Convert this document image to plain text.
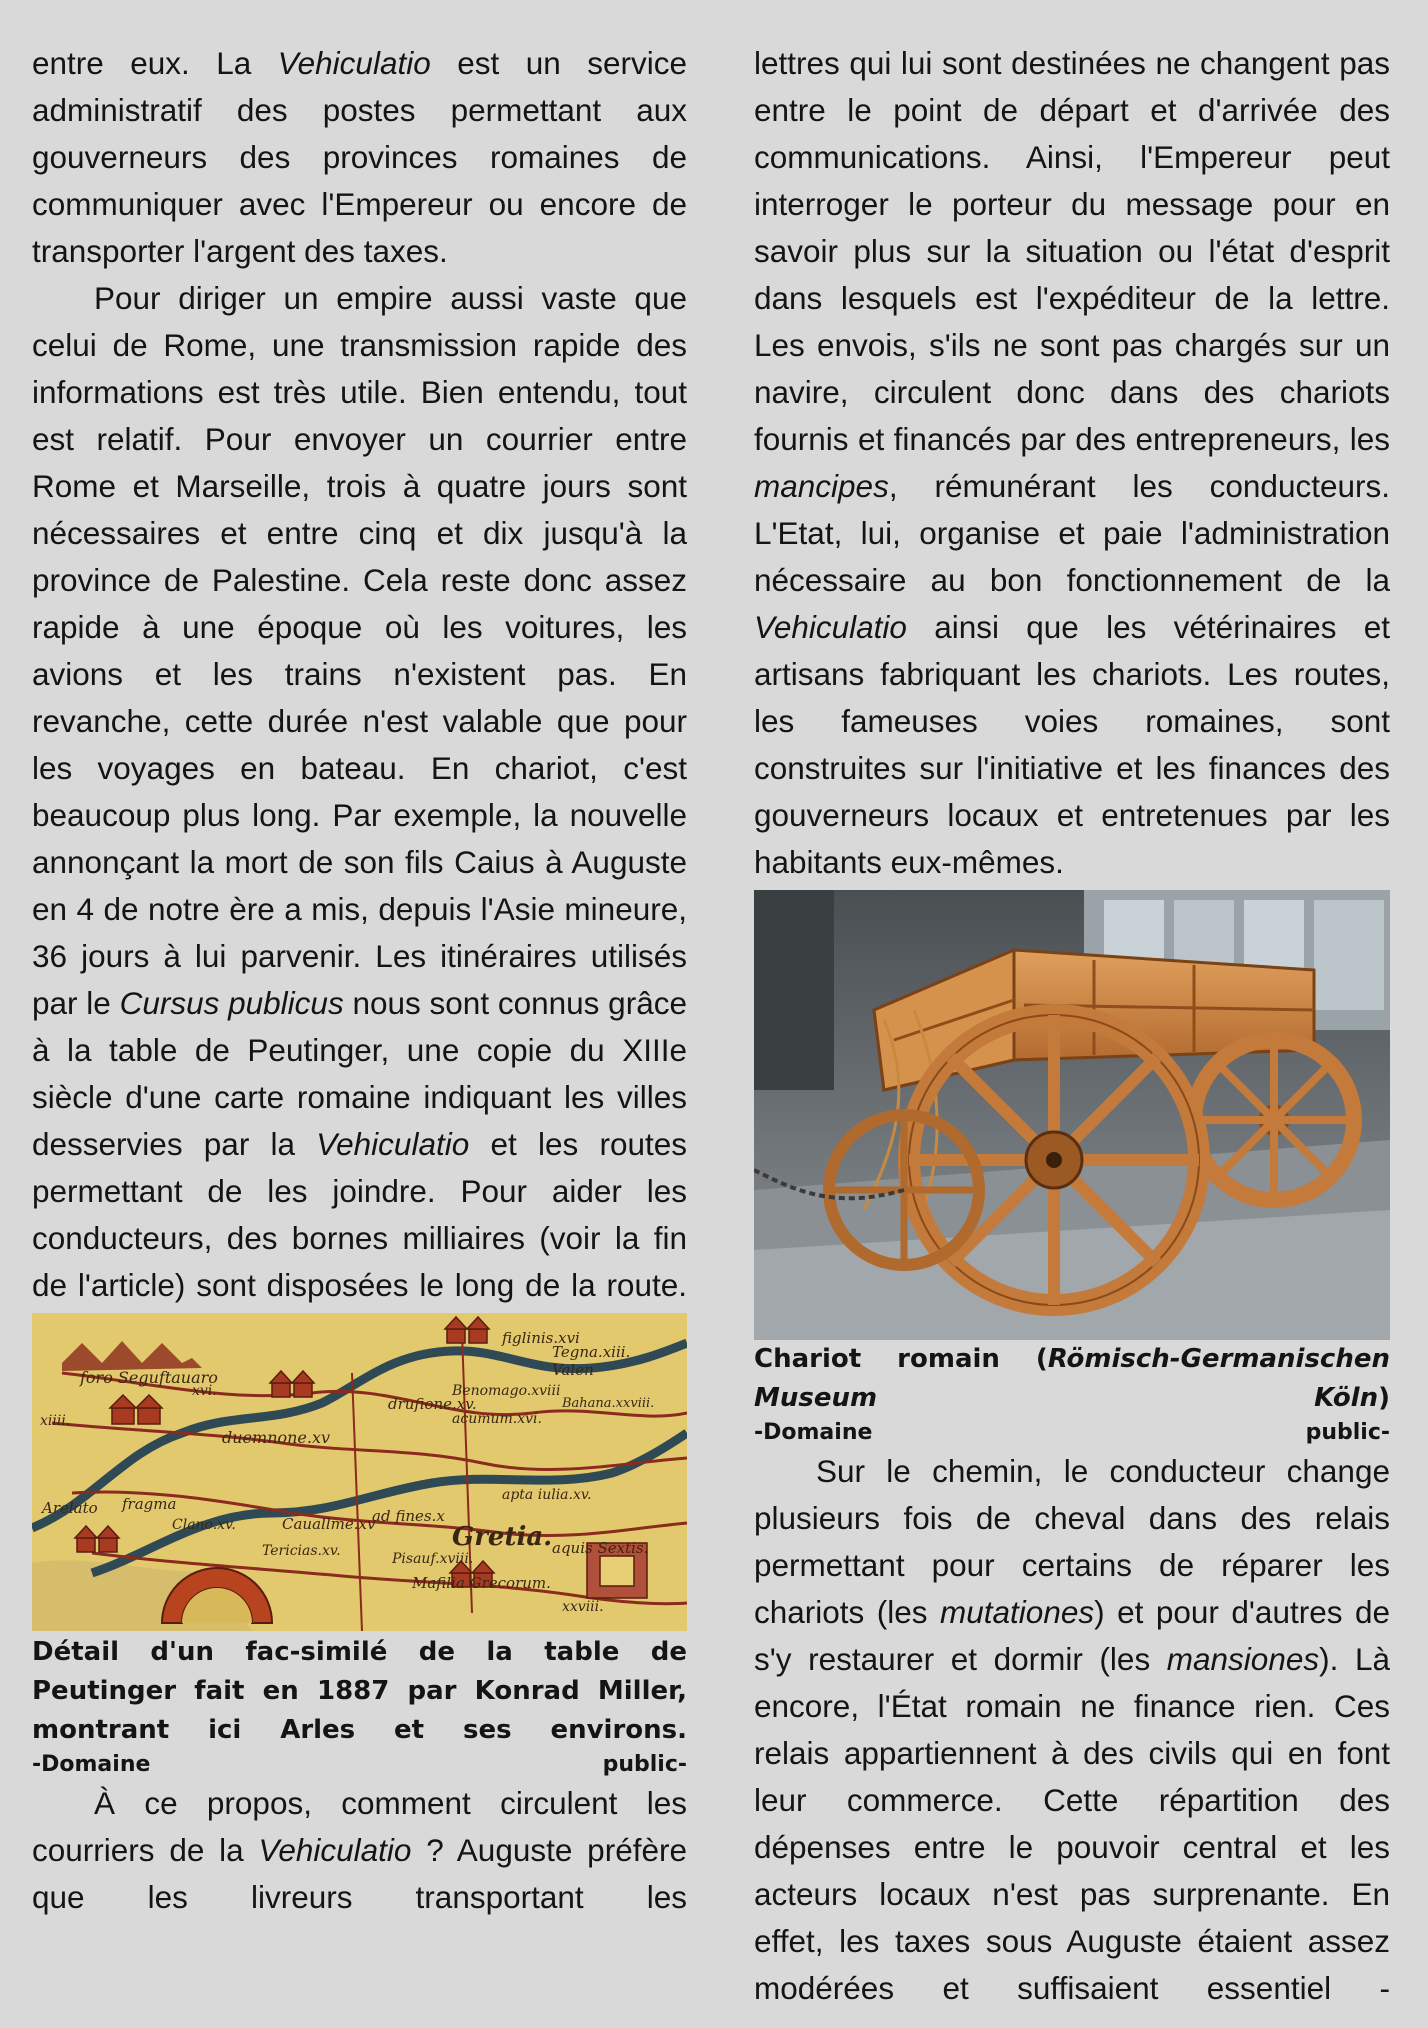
entre eux. La Vehiculatio est un service administratif des postes permettant aux gouverneurs des provinces romaines de communiquer avec l'Empereur ou encore de transporter l'argent des taxes.

Pour diriger un empire aussi vaste que celui de Rome, une transmission rapide des informations est très utile. Bien entendu, tout est relatif. Pour envoyer un courrier entre Rome et Marseille, trois à quatre jours sont nécessaires et entre cinq et dix jusqu'à la province de Palestine. Cela reste donc assez rapide à une époque où les voitures, les avions et les trains n'existent pas. En revanche, cette durée n'est valable que pour les voyages en bateau. En chariot, c'est beaucoup plus long. Par exemple, la nouvelle annonçant la mort de son fils Caius à Auguste en 4 de notre ère a mis, depuis l'Asie mineure, 36 jours à lui parvenir. Les itinéraires utilisés par le Cursus publicus nous sont connus grâce à la table de Peutinger, une copie du XIIIe siècle d'une carte romaine indiquant les villes desservies par la Vehiculatio et les routes permettant de les joindre. Pour aider les conducteurs, des bornes milliaires (voir la fin de l'article) sont disposées le long de la route.

foro Seguftauaro
xvi.
xiiii.
duemnone.xv
drufione.xv.
Benomago.xviii
acumum.xvi.
Bahana.xxviii.
Valen
Tegna.xiii.
figlinis.xvi
Arelato fragma
Clano.xv.	Cauallme.xv
ad fines.x
apta iulia.xv.
Gretia.
Tericias.xv.	Pisauf.xviii.
aquis Sextis.
Mafilia Grecorum.
xxviii.

Détail d'un fac-similé de la table de Peutinger fait en 1887 par Konrad Miller, montrant ici Arles et ses environs.

-Domaine public-

À ce propos, comment circulent les courriers de la Vehiculatio ? Auguste préfère que les livreurs transportant les

lettres qui lui sont destinées ne changent pas entre le point de départ et d'arrivée des communications. Ainsi, l'Empereur peut interroger le porteur du message pour en savoir plus sur la situation ou l'état d'esprit dans lesquels est l'expéditeur de la lettre. Les envois, s'ils ne sont pas chargés sur un navire, circulent donc dans des chariots fournis et financés par des entrepreneurs, les mancipes, rémunérant les conducteurs. L'Etat, lui, organise et paie l'administration nécessaire au bon fonctionnement de la Vehiculatio ainsi que les vétérinaires et artisans fabriquant les chariots. Les routes, les fameuses voies romaines, sont construites sur l'initiative et les finances des gouverneurs locaux et entretenues par les habitants eux-mêmes.

Chariot romain (Römisch-Germanischen Museum Köln)

-Domaine public-

Sur le chemin, le conducteur change plusieurs fois de cheval dans des relais permettant pour certains de réparer les chariots (les mutationes) et pour d'autres de s'y restaurer et dormir (les mansiones). Là encore, l'État romain ne finance rien. Ces relais appartiennent à des civils qui en font leur commerce. Cette répartition des dépenses entre le pouvoir central et les acteurs locaux n'est pas surprenante. En effet, les taxes sous Auguste étaient assez modérées et suffisaient essentiel -
